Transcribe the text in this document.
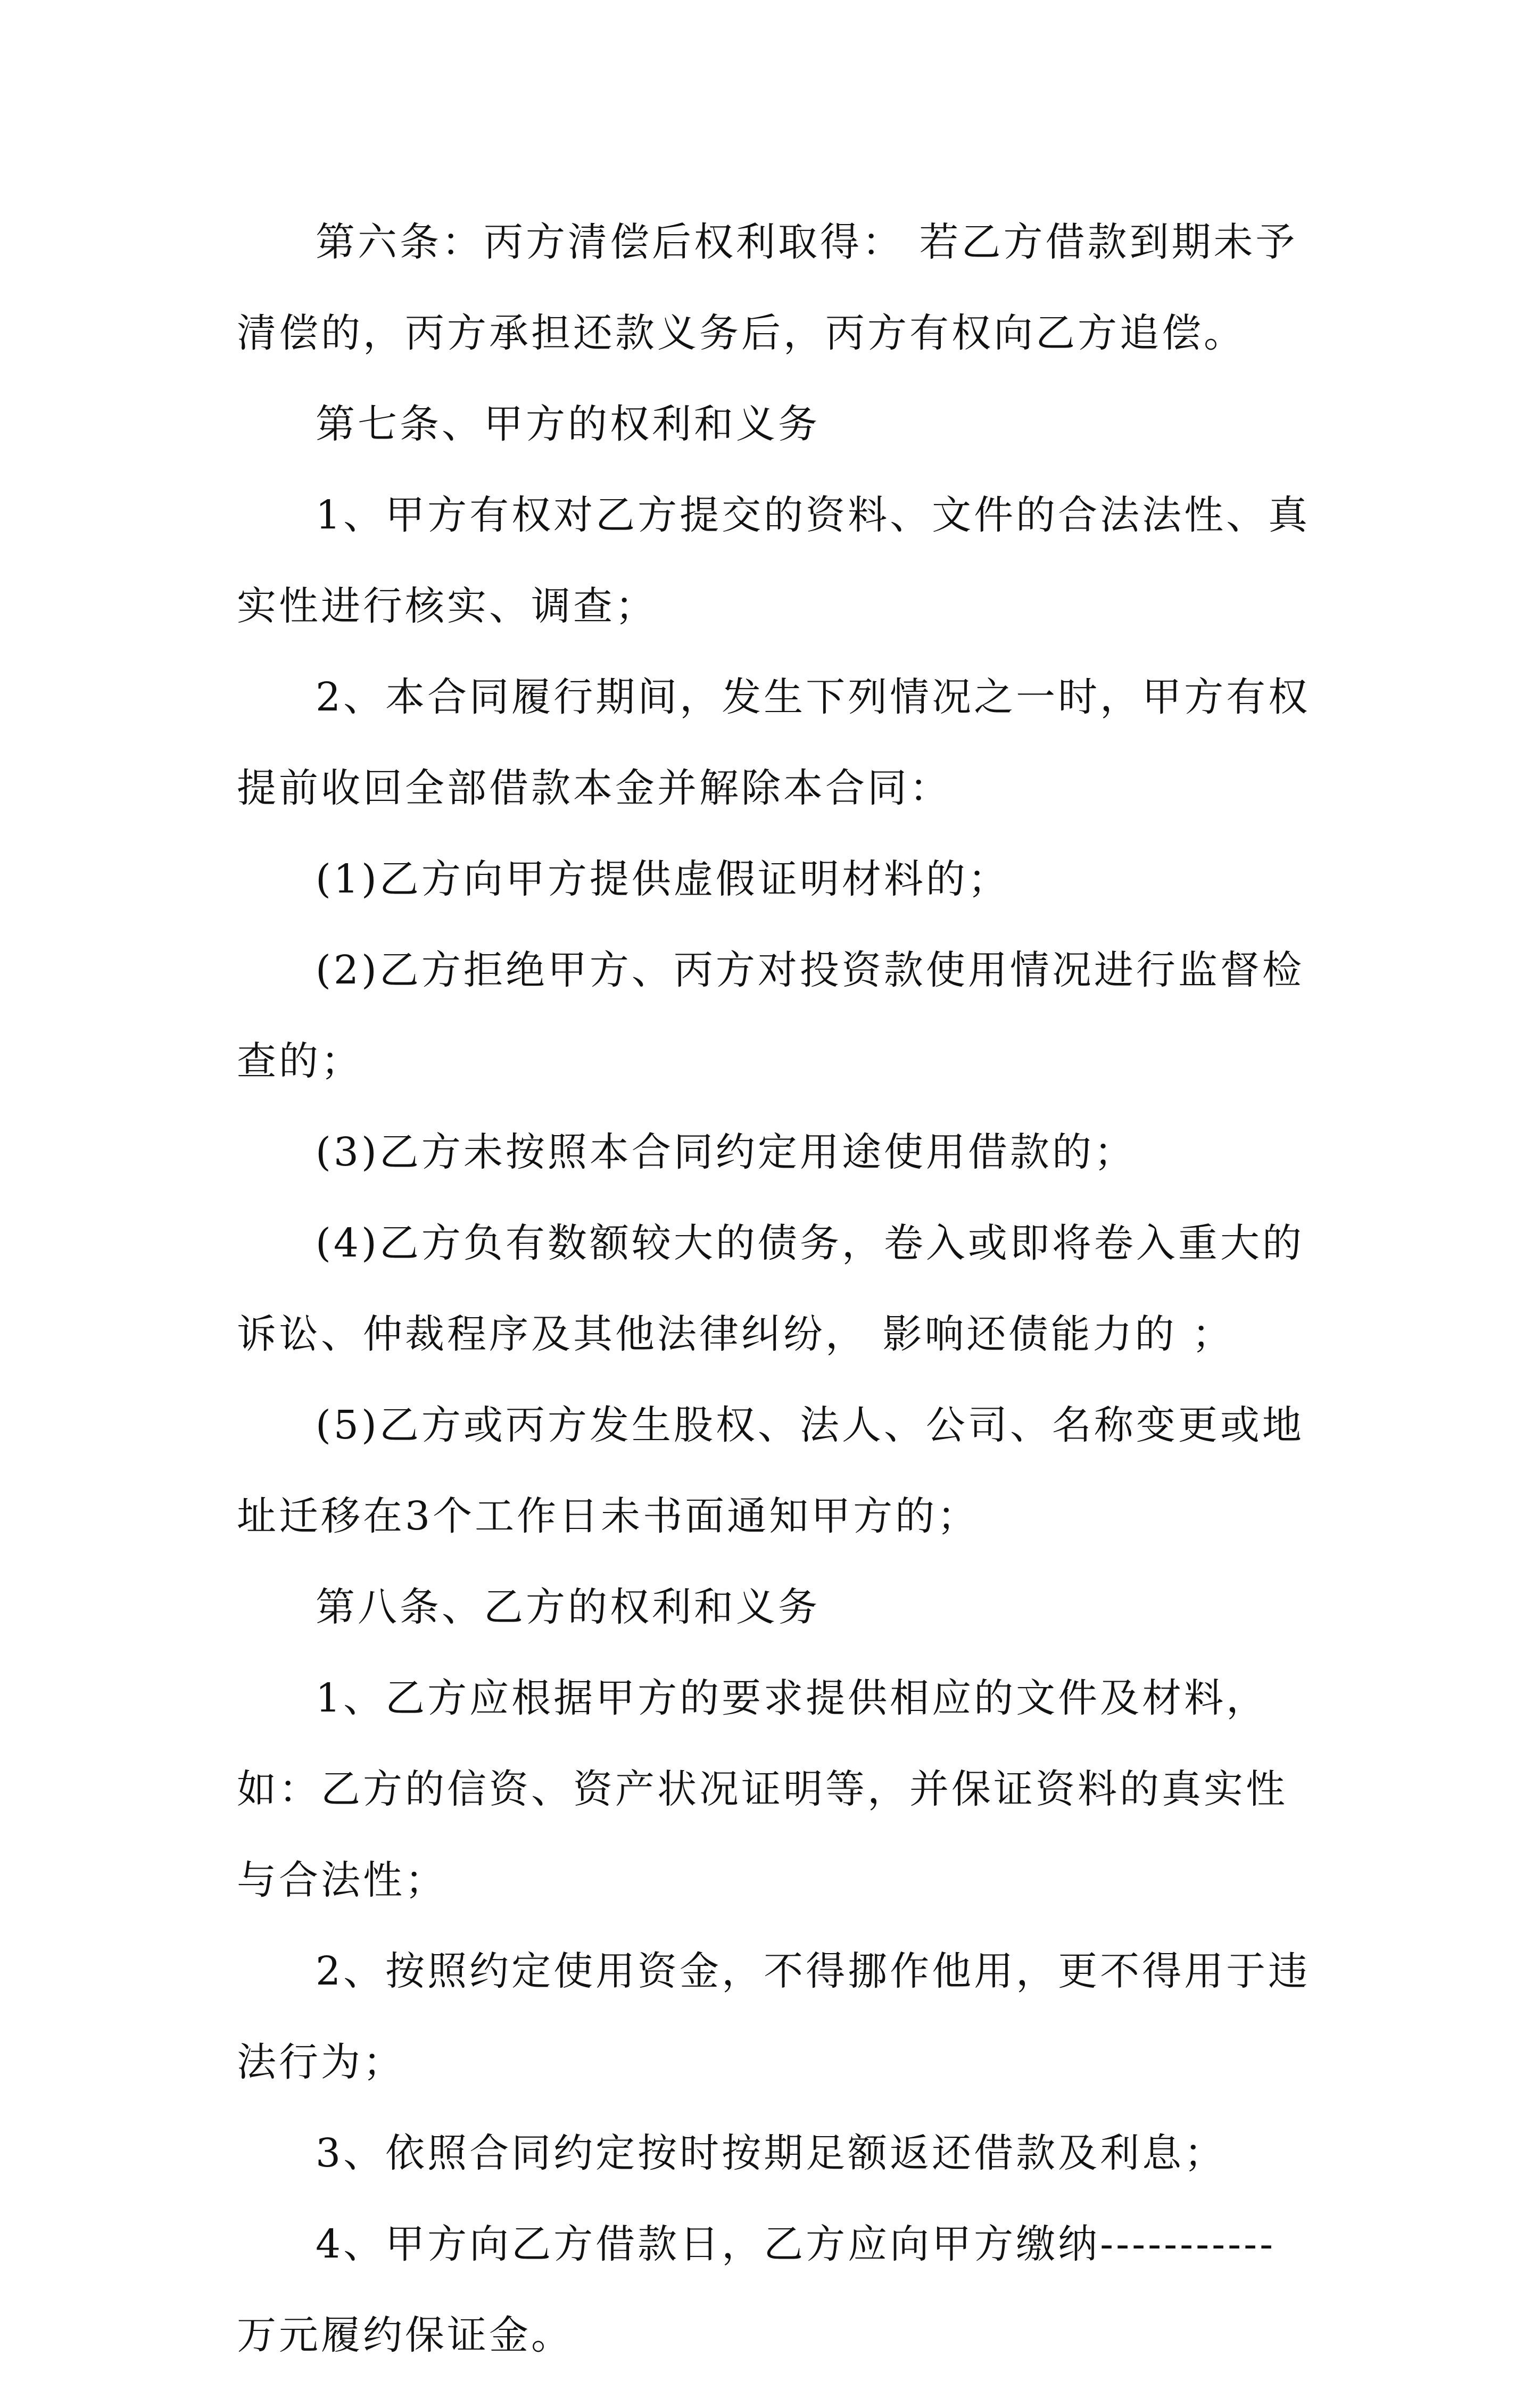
第六条：丙方清偿后权利取得： 若乙方借款到期未予清偿的，丙方承担还款义务后，丙方有权向乙方追偿。

第七条、甲方的权利和义务

1、甲方有权对乙方提交的资料、文件的合法法性、真实性进行核实、调查；

2、本合同履行期间，发生下列情况之一时，甲方有权提前收回全部借款本金并解除本合同：

(1)乙方向甲方提供虚假证明材料的；

(2)乙方拒绝甲方、丙方对投资款使用情况进行监督检查的；

(3)乙方未按照本合同约定用途使用借款的；

(4)乙方负有数额较大的债务，卷入或即将卷入重大的诉讼、仲裁程序及其他法律纠纷， 影响还债能力的 ；

(5)乙方或丙方发生股权、法人、公司、名称变更或地址迁移在3个工作日未书面通知甲方的；

第八条、乙方的权利和义务

1、乙方应根据甲方的要求提供相应的文件及材料，如：乙方的信资、资产状况证明等，并保证资料的真实性与合法性；

2、按照约定使用资金，不得挪作他用，更不得用于违法行为；

3、依照合同约定按时按期足额返还借款及利息；

4、甲方向乙方借款日，乙方应向甲方缴纳-----------万元履约保证金。
